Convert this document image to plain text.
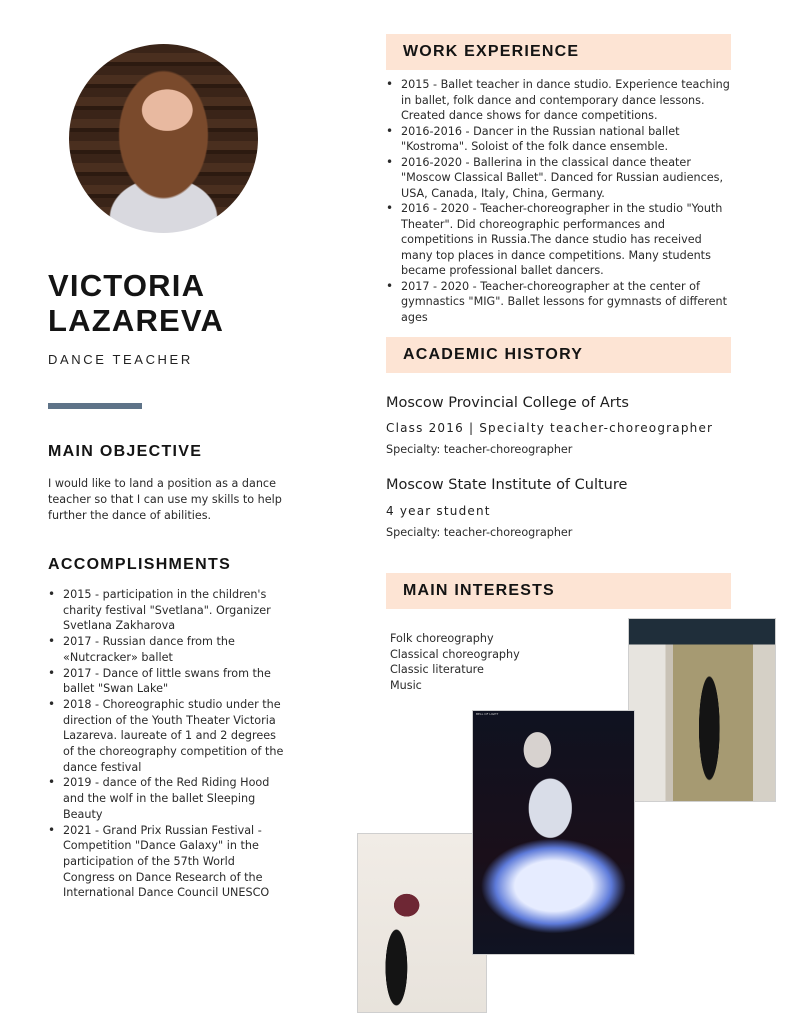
VICTORIA
LAZAREVA
DANCE TEACHER
MAIN OBJECTIVE

I would like to land a position as a dance teacher so that I can use my skills to help further the dance of abilities.

ACCOMPLISHMENTS
• 2015 - participation in the children's charity festival "Svetlana". Organizer Svetlana Zakharova
• 2017 - Russian dance from the «Nutcracker» ballet
• 2017 - Dance of little swans from the ballet "Swan Lake"
• 2018 - Choreographic studio under the direction of the Youth Theater Victoria Lazareva. laureate of 1 and 2 degrees of the choreography competition of the dance festival
• 2019 - dance of the Red Riding Hood and the wolf in the ballet Sleeping Beauty
• 2021 - Grand Prix Russian Festival - Competition "Dance Galaxy" in the participation of the 57th World Congress on Dance Research of the International Dance Council UNESCO
WORK EXPERIENCE
• 2015 - Ballet teacher in dance studio. Experience teaching in ballet, folk dance and contemporary dance lessons. Created dance shows for dance competitions.
• 2016-2016 - Dancer in the Russian national ballet "Kostroma". Soloist of the folk dance ensemble.
• 2016-2020 - Ballerina in the classical dance theater "Moscow Classical Ballet". Danced for Russian audiences, USA, Canada, Italy, China, Germany.
• 2016 - 2020 - Teacher-choreographer in the studio "Youth Theater". Did choreographic performances and competitions in Russia.The dance studio has received many top places in dance competitions. Many students became professional ballet dancers.
• 2017 - 2020 - Teacher-choreographer at the center of gymnastics "MIG". Ballet lessons for gymnasts of different ages
ACADEMIC HISTORY
Moscow Provincial College of Arts
Class 2016 | Specialty teacher-choreographer
Specialty: teacher-choreographer
Moscow State Institute of Culture
4 year student
Specialty: teacher-choreographer
MAIN INTERESTS
Folk choreography
Classical choreography
Classic literature
Music
BELL OF LIGHT
